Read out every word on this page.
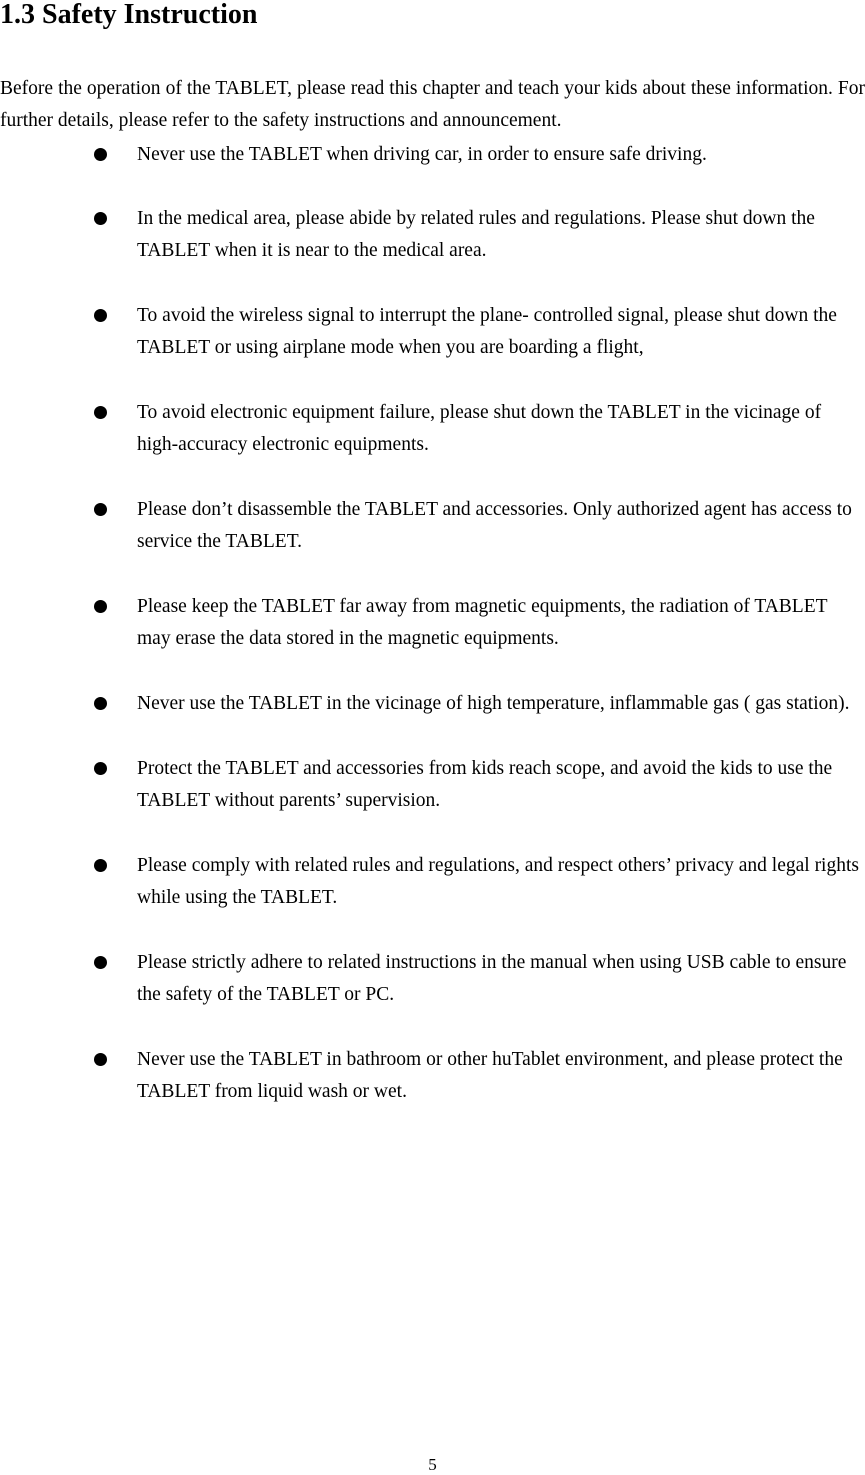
1.3 Safety Instruction

Before the operation of the TABLET, please read this chapter and teach your kids about these information. For further details, please refer to the safety instructions and announcement.

Never use the TABLET when driving car, in order to ensure safe driving.
In the medical area, please abide by related rules and regulations. Please shut down the TABLET when it is near to the medical area.
To avoid the wireless signal to interrupt the plane- controlled signal, please shut down the TABLET or using airplane mode when you are boarding a flight,
To avoid electronic equipment failure, please shut down the TABLET in the vicinage of high-accuracy electronic equipments.
Please don’t disassemble the TABLET and accessories. Only authorized agent has access to service the TABLET.
Please keep the TABLET far away from magnetic equipments, the radiation of TABLET may erase the data stored in the magnetic equipments.
Never use the TABLET in the vicinage of high temperature, inflammable gas ( gas station).
Protect the TABLET and accessories from kids reach scope, and avoid the kids to use the TABLET without parents’ supervision.
Please comply with related rules and regulations, and respect others’ privacy and legal rights while using the TABLET.
Please strictly adhere to related instructions in the manual when using USB cable to ensure the safety of the TABLET or PC.
Never use the TABLET in bathroom or other huTablet environment, and please protect the TABLET from liquid wash or wet.
5
